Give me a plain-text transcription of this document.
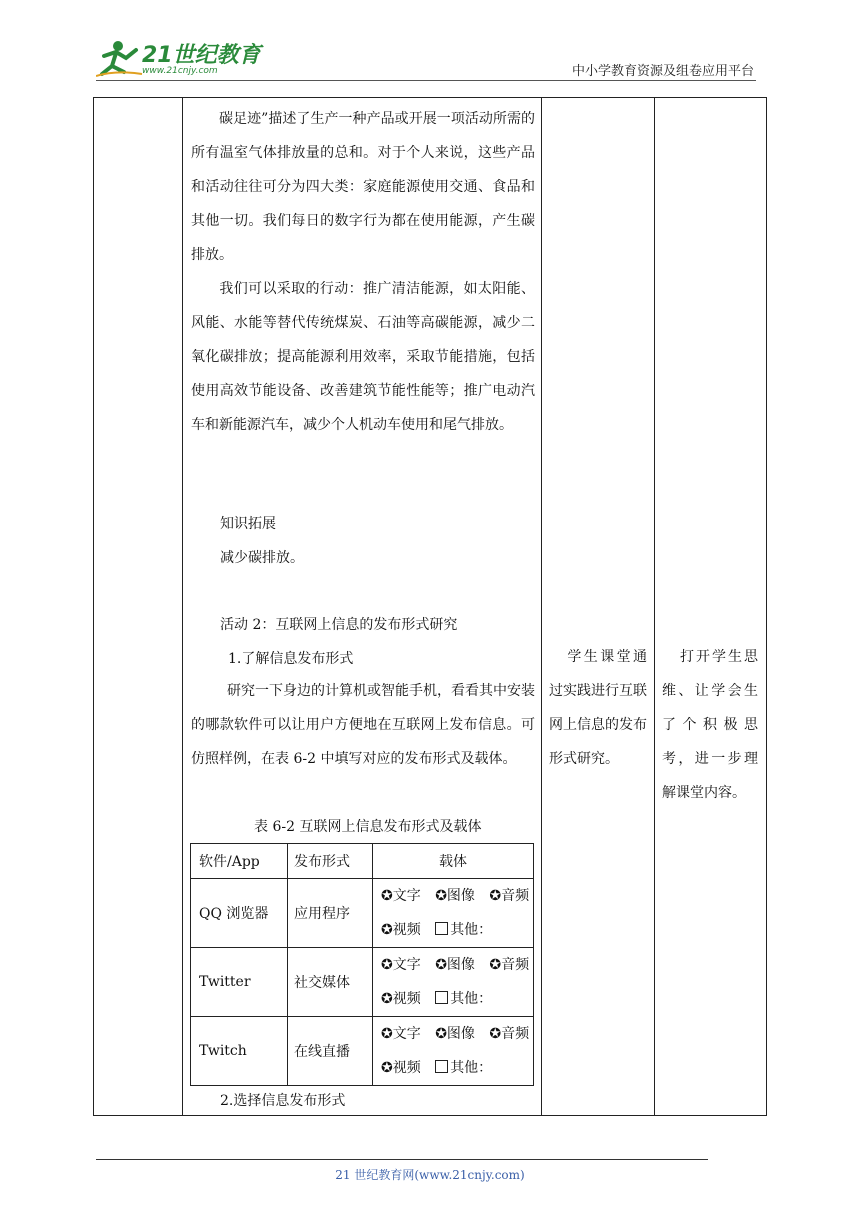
21世纪教育
www.21cnjy.com	中小学教育资源及组卷应用平台
碳足迹”描述了生产一种产品或开展一项活动所需的所有温室气体排放量的总和。对于个人来说，这些产品和活动往往可分为四大类：家庭能源使用交通、食品和其他一切。我们每日的数字行为都在使用能源，产生碳排放。
我们可以采取的行动：推广清洁能源，如太阳能、风能、水能等替代传统煤炭、石油等高碳能源，减少二氧化碳排放；提高能源利用效率，采取节能措施，包括使用高效节能设备、改善建筑节能性能等；推广电动汽车和新能源汽车，减少个人机动车使用和尾气排放。
知识拓展
减少碳排放。
活动 2：互联网上信息的发布形式研究
1.了解信息发布形式
研究一下身边的计算机或智能手机，看看其中安装的哪款软件可以让用户方便地在互联网上发布信息。可仿照样例，在表 6-2 中填写对应的发布形式及载体。
表 6-2 互联网上信息发布形式及载体
软件/App	发布形式	载体
QQ 浏览器	应用程序	✪文字 ✪图像 ✪音频
✪视频 其他：

Twitter	社交媒体	✪文字 ✪图像 ✪音频
✪视频 其他：

Twitch	在线直播	✪文字 ✪图像 ✪音频
✪视频 其他：
2.选择信息发布形式
学生课堂通过实践进行互联网上信息的发布形式研究。
打开学生思维、让学会生了个积极思考，进一步理解课堂内容。
21 世纪教育网(www.21cnjy.com)
